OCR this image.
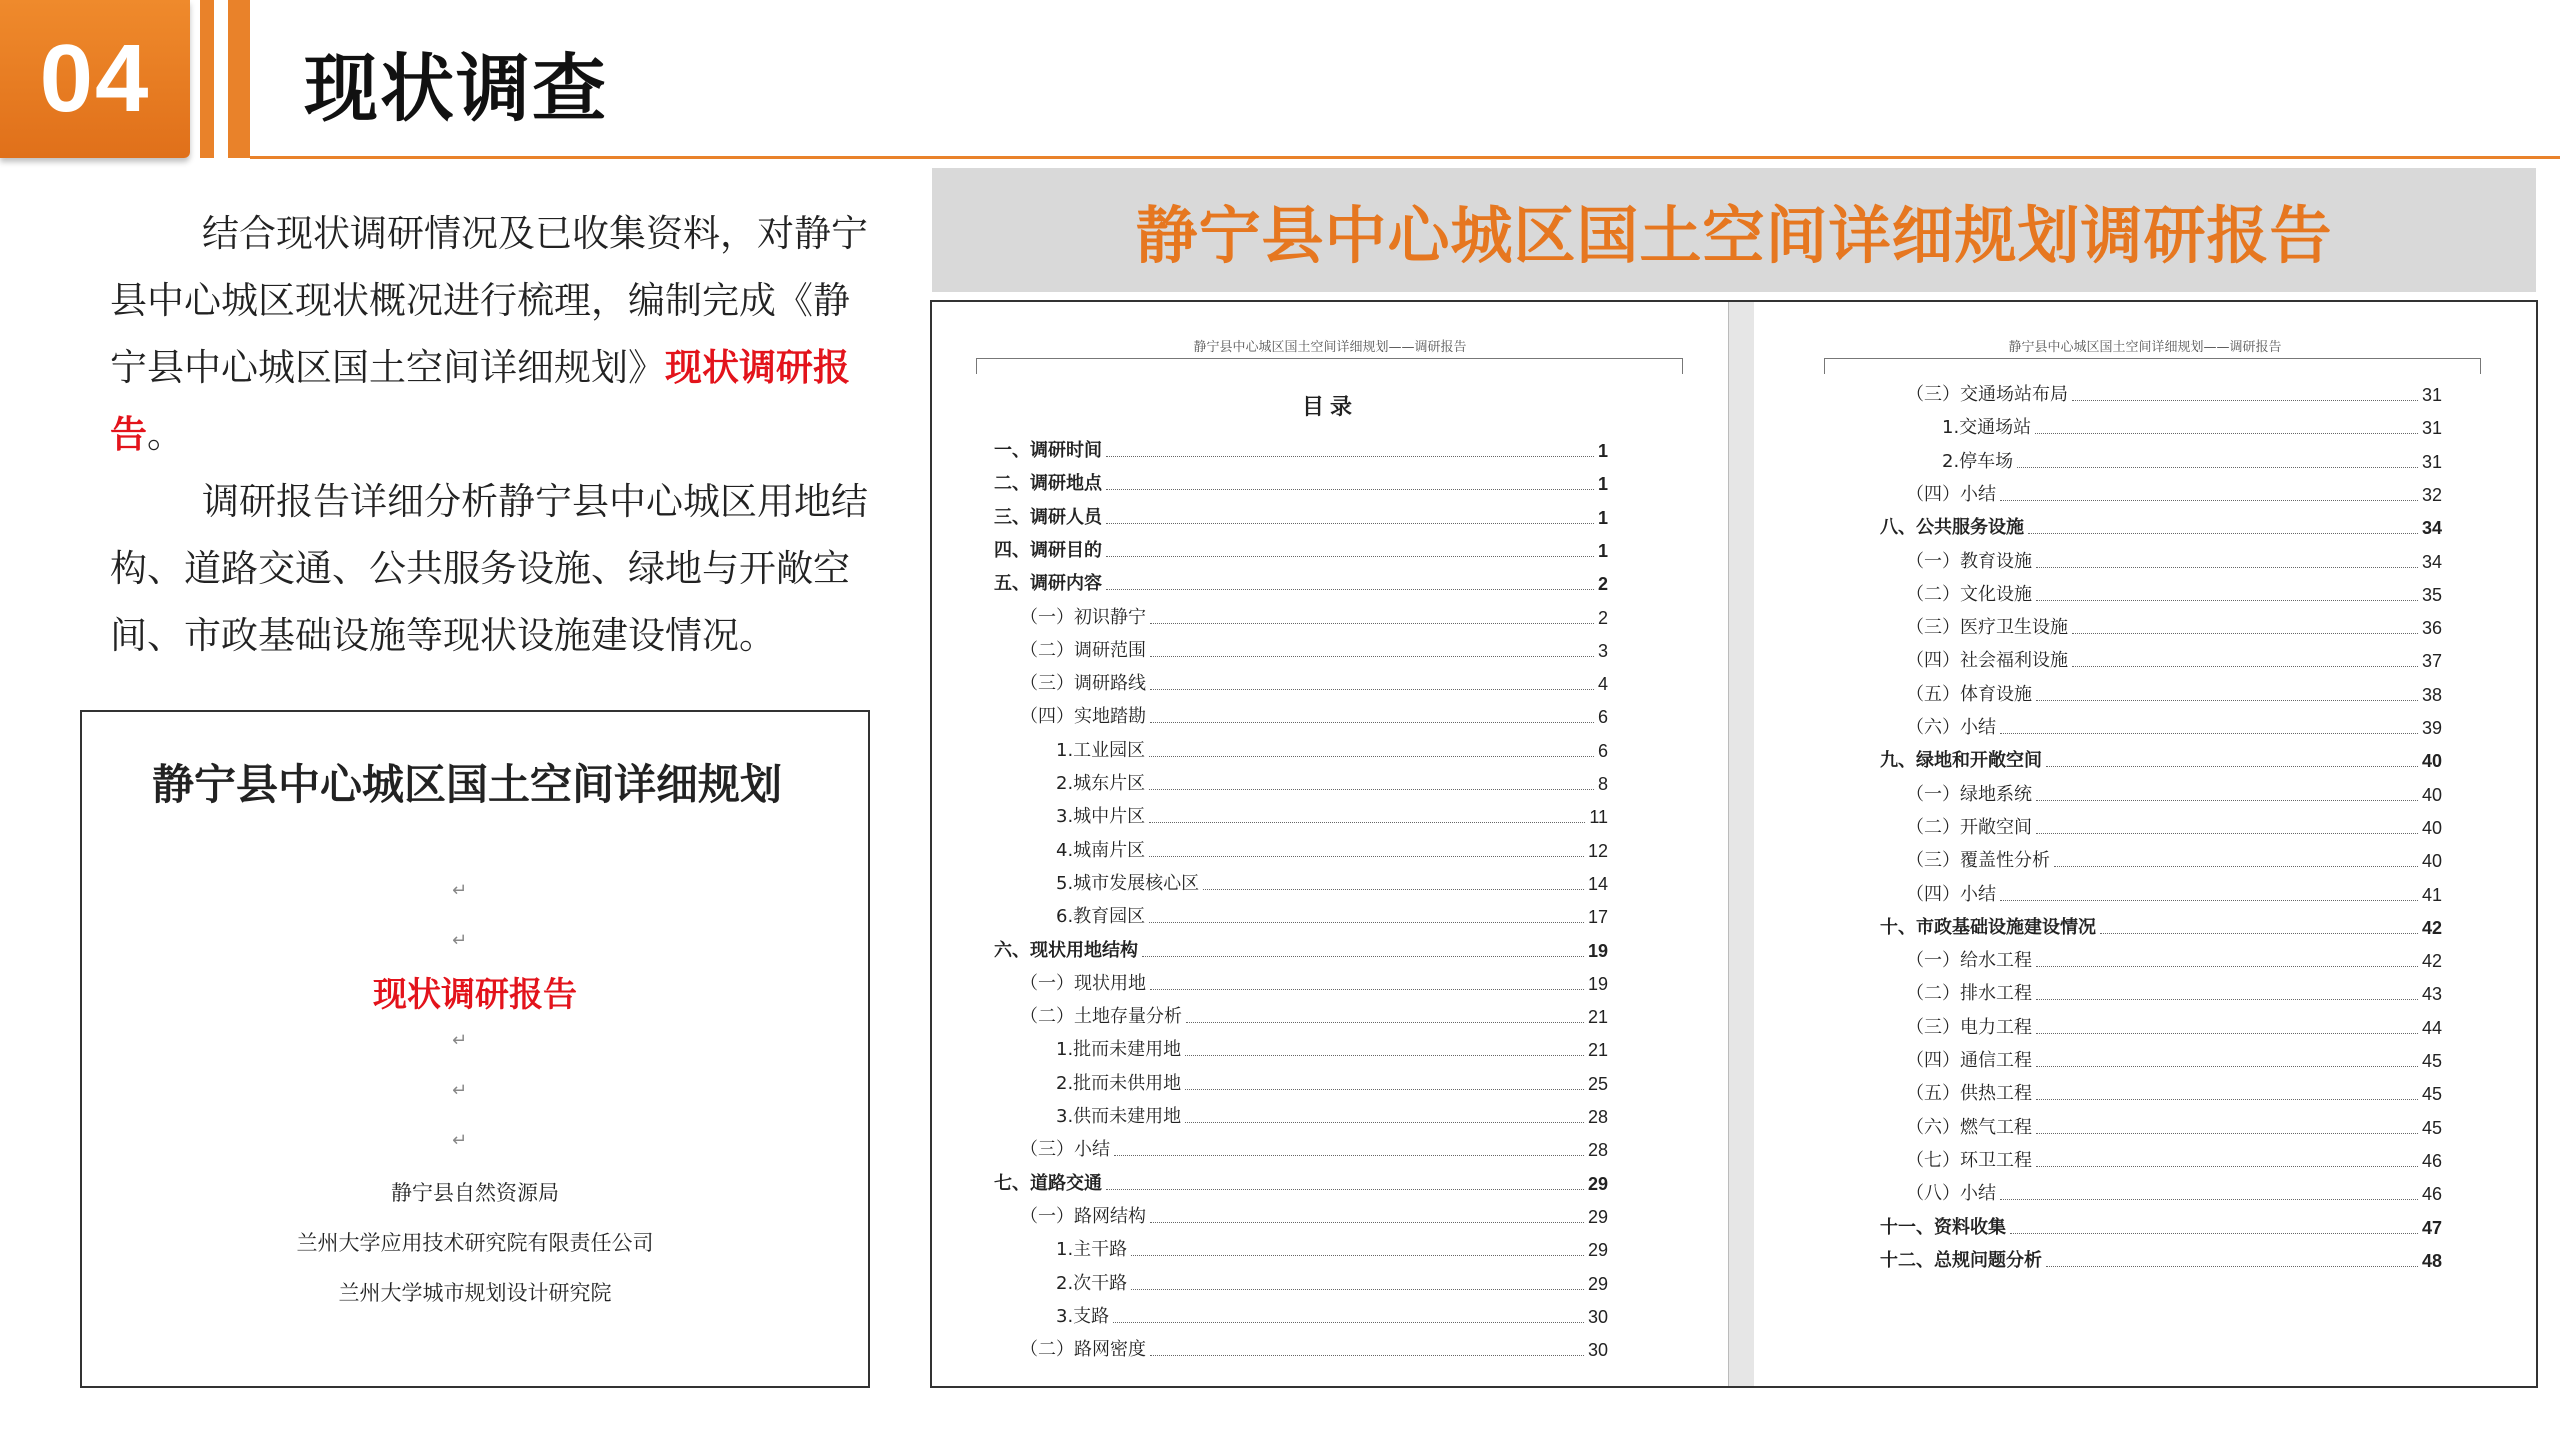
04 现状调查

结合现状调研情况及已收集资料，对静宁县中心城区现状概况进行梳理，编制完成《静宁县中心城区国土空间详细规划》现状调研报告。

调研报告详细分析静宁县中心城区用地结构、道路交通、公共服务设施、绿地与开敞空间、市政基础设施等现状设施建设情况。

静宁县中心城区国土空间详细规划
↵
↵
现状调研报告
↵
↵
↵
静宁县自然资源局
兰州大学应用技术研究院有限责任公司
兰州大学城市规划设计研究院
静宁县中心城区国土空间详细规划调研报告
静宁县中心城区国土空间详细规划——调研报告
目录
一、调研时间	1
二、调研地点	1
三、调研人员	1
四、调研目的	1
五、调研内容	2
（一）初识静宁	2
（二）调研范围	3
（三）调研路线	4
（四）实地踏勘	6
1.工业园区	6
2.城东片区	8
3.城中片区	11
4.城南片区	12
5.城市发展核心区	14
6.教育园区	17
六、现状用地结构	19
（一）现状用地	19
（二）土地存量分析	21
1.批而未建用地	21
2.批而未供用地	25
3.供而未建用地	28
（三）小结	28
七、道路交通	29
（一）路网结构	29
1.主干路	29
2.次干路	29
3.支路	30
（二）路网密度	30
静宁县中心城区国土空间详细规划——调研报告
（三）交通场站布局	31
1.交通场站	31
2.停车场	31
（四）小结	32
八、公共服务设施	34
（一）教育设施	34
（二）文化设施	35
（三）医疗卫生设施	36
（四）社会福利设施	37
（五）体育设施	38
（六）小结	39
九、绿地和开敞空间	40
（一）绿地系统	40
（二）开敞空间	40
（三）覆盖性分析	40
（四）小结	41
十、市政基础设施建设情况	42
（一）给水工程	42
（二）排水工程	43
（三）电力工程	44
（四）通信工程	45
（五）供热工程	45
（六）燃气工程	45
（七）环卫工程	46
（八）小结	46
十一、资料收集	47
十二、总规问题分析	48
